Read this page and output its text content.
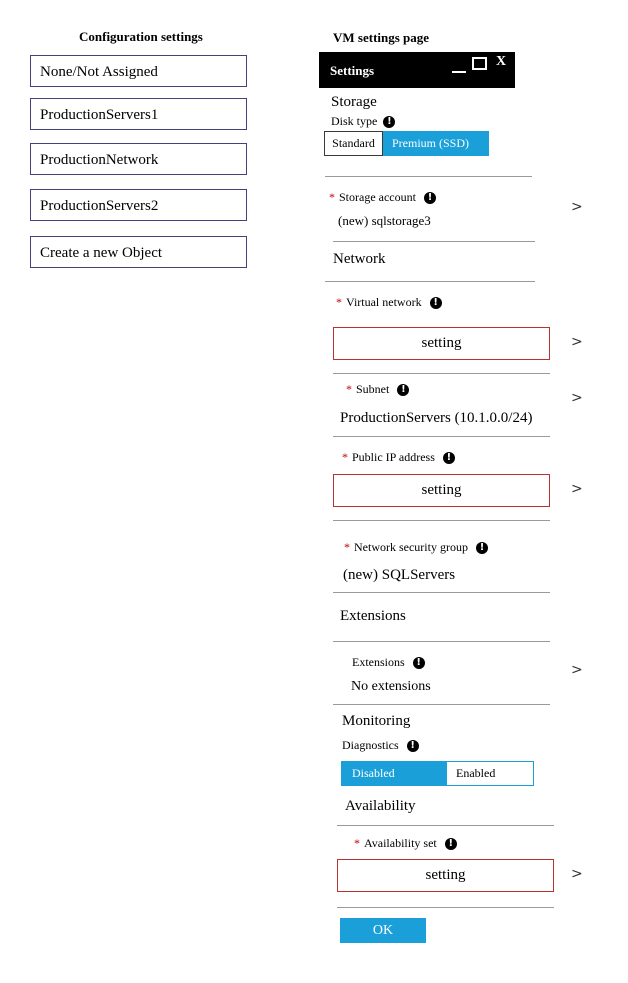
Configuration settings
None/Not Assigned
ProductionServers1
ProductionNetwork
ProductionServers2
Create a new Object
VM settings page
Settings
X
Storage
Disk type !
Standard	Premium (SSD)
* Storage account !
(new) sqlstorage3
>
Network
* Virtual network !
setting	>
* Subnet !
ProductionServers (10.1.0.0/24)
>
* Public IP address !
setting	>
* Network security group !
(new) SQLServers
Extensions
Extensions !
No extensions
>
Monitoring
Diagnostics !
Disabled	Enabled
Availability
* Availability set !
setting	>
OK
